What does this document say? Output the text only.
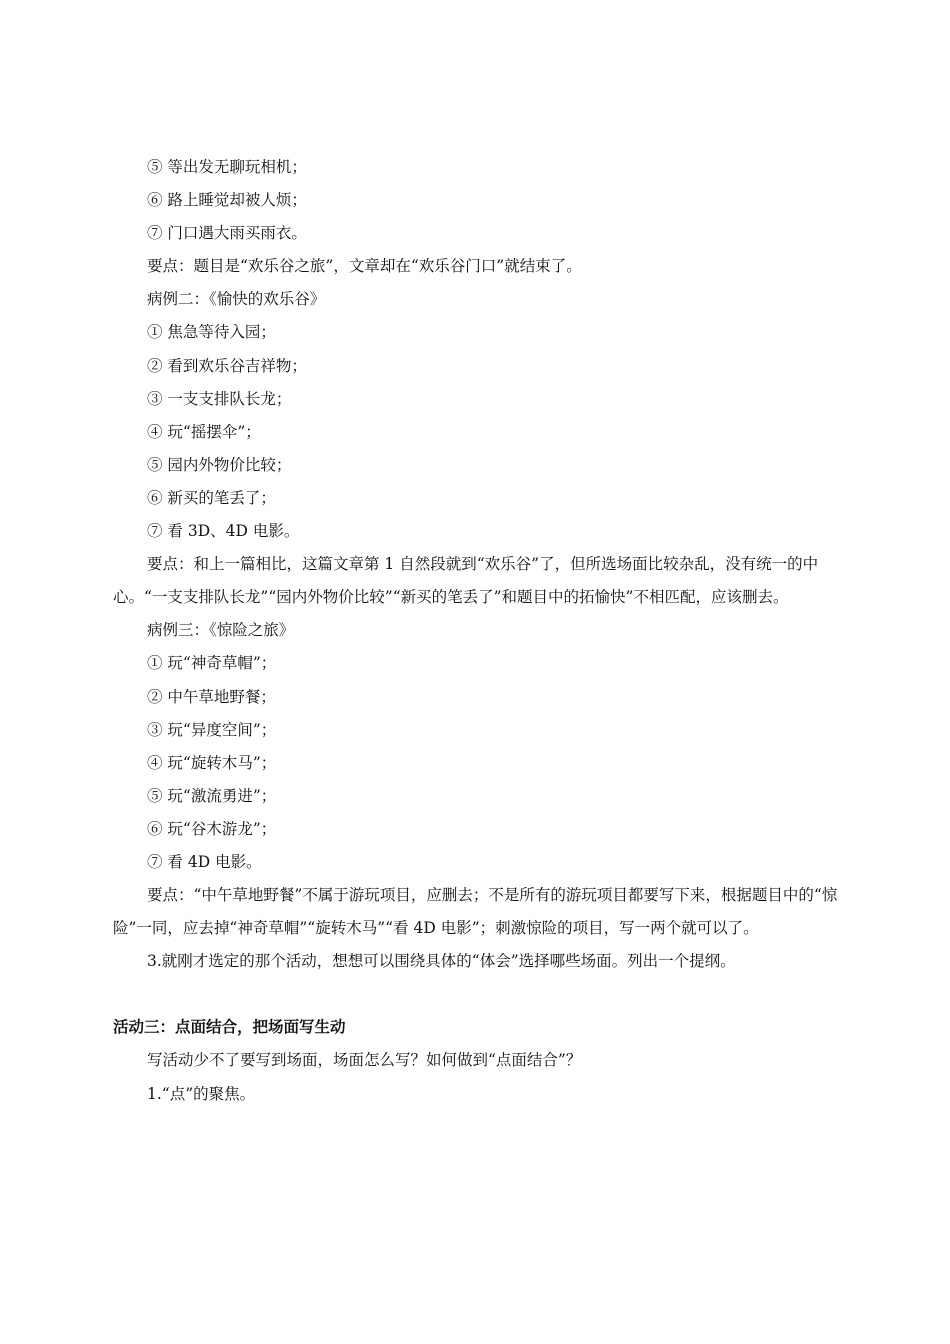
⑤ 等出发无聊玩相机；
⑥ 路上睡觉却被人烦；
⑦ 门口遇大雨买雨衣。
要点：题目是“欢乐谷之旅”，文章却在“欢乐谷门口”就结束了。
病例二：《愉快的欢乐谷》
① 焦急等待入园；
② 看到欢乐谷吉祥物；
③ 一支支排队长龙；
④ 玩“摇摆伞”；
⑤ 园内外物价比较；
⑥ 新买的笔丢了；
⑦ 看 3D、4D 电影。

要点：和上一篇相比，这篇文章第 1 自然段就到“欢乐谷”了，但所选场面比较杂乱，没有统一的中心。“一支支排队长龙”“园内外物价比较”“新买的笔丢了”和题目中的拓愉快”不相匹配，应该删去。

病例三：《惊险之旅》
① 玩“神奇草帽”；
② 中午草地野餐；
③ 玩“异度空间”；
④ 玩“旋转木马”；
⑤ 玩“激流勇进”；
⑥ 玩“谷木游龙”；
⑦ 看 4D 电影。

要点：“中午草地野餐”不属于游玩项目，应删去；不是所有的游玩项目都要写下来，根据题目中的“惊险”一同，应去掉“神奇草帽”“旋转木马”“看 4D 电影”；刺激惊险的项目，写一两个就可以了。

3.就刚才选定的那个活动，想想可以围绕具体的“体会”选择哪些场面。列出一个提纲。
活动三：点面结合，把场面写生动
写活动少不了要写到场面，场面怎么写？如何做到“点面结合”？
1.“点”的聚焦。
